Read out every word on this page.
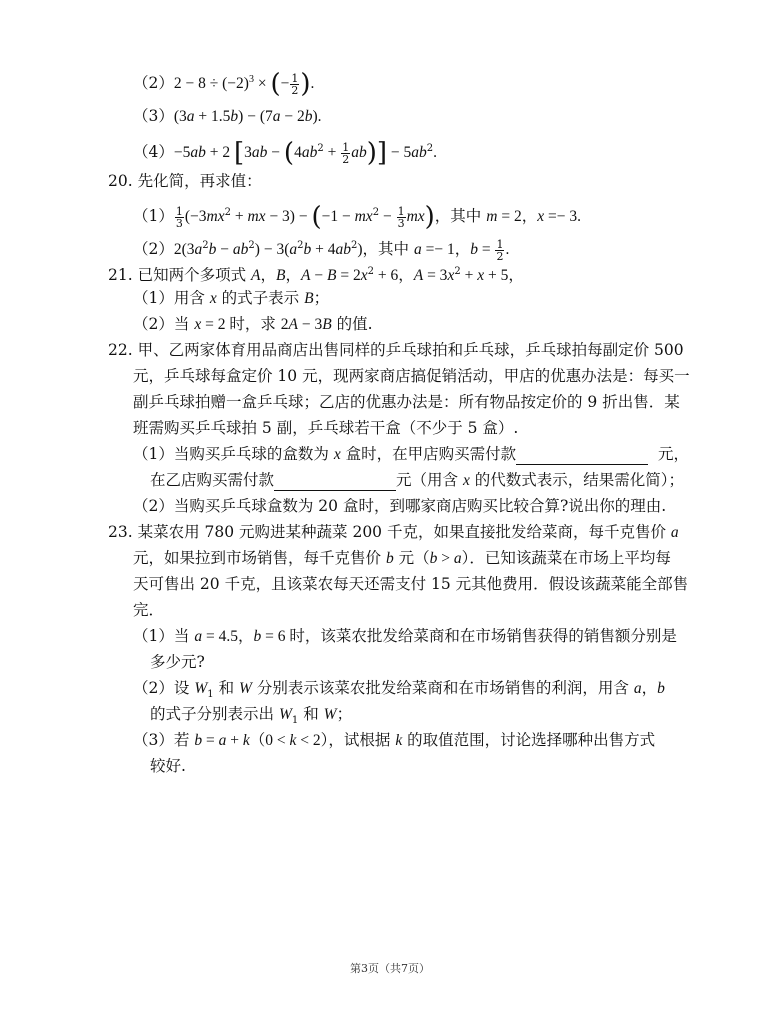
$(2)2 - 8 \div (-2)^3$ × (− $\frac{1}{2}$ ).
（3）(3a + 1.5b) − (7a − 2b).
（4）−5ab + 2 $[3ab - (4ab^2 + \frac{1}{2} ab)] - 5ab^2$.
20. 先化简，再求值：
$(1) \frac{1}{3} (-3mx^2$ + mx − $3) - (-1 - mx^2 - \frac{1}{3} mx)$，其中 m = 2，x =− 3.
$(2)2(3a^2b - ab^2) - 3(a^2b + 4ab^2)$，其中 a =− 1，$b = \frac{1}{2}$ .
21. 已知两个多项式 A，B，$A - B = 2x^2 + 6$，$A = 3x^2 + x + 5$，
（1）用含 x 的式子表示 B；
（2）当 x = 2 时，求 2A − 3B 的值.
22. 甲、乙两家体育用品商店出售同样的乒乓球拍和乒乓球，乒乓球拍每副定价 500
元，乒乓球每盒定价 10 元，现两家商店搞促销活动，甲店的优惠办法是：每买一
副乒乓球拍赠一盒乒乓球；乙店的优惠办法是：所有物品按定价的 9 折出售．某
班需购买乒乓球拍 5 副，乒乓球若干盒（不少于 5 盒）.
（1）当购买乒乓球的盒数为 x 盒时，在甲店购买需付款	元，
在乙店购买需付款	元（用含 x 的代数式表示，结果需化简）；
（2）当购买乒乓球盒数为 20 盒时，到哪家商店购买比较合算?说出你的理由.
23. 某菜农用 780 元购进某种蔬菜 200 千克，如果直接批发给菜商，每千克售价 a
元，如果拉到市场销售，每千克售价 b 元（b > a）．已知该蔬菜在市场上平均每
天可售出 20 千克，且该菜农每天还需支付 15 元其他费用．假设该蔬菜能全部售
完．
（1）当 a = 4.5，b = 6 时，该菜农批发给菜商和在市场销售获得的销售额分别是
多少元?
（2）设 $W_1$ 和 W 分别表示该菜农批发给菜商和在市场销售的利润，用含 a，b
的式子分别表示出 $W_1$ 和 W；
（3）若 b = a + k（0 < k < 2），试根据 k 的取值范围，讨论选择哪种出售方式
较好.
第3页（共7页）
